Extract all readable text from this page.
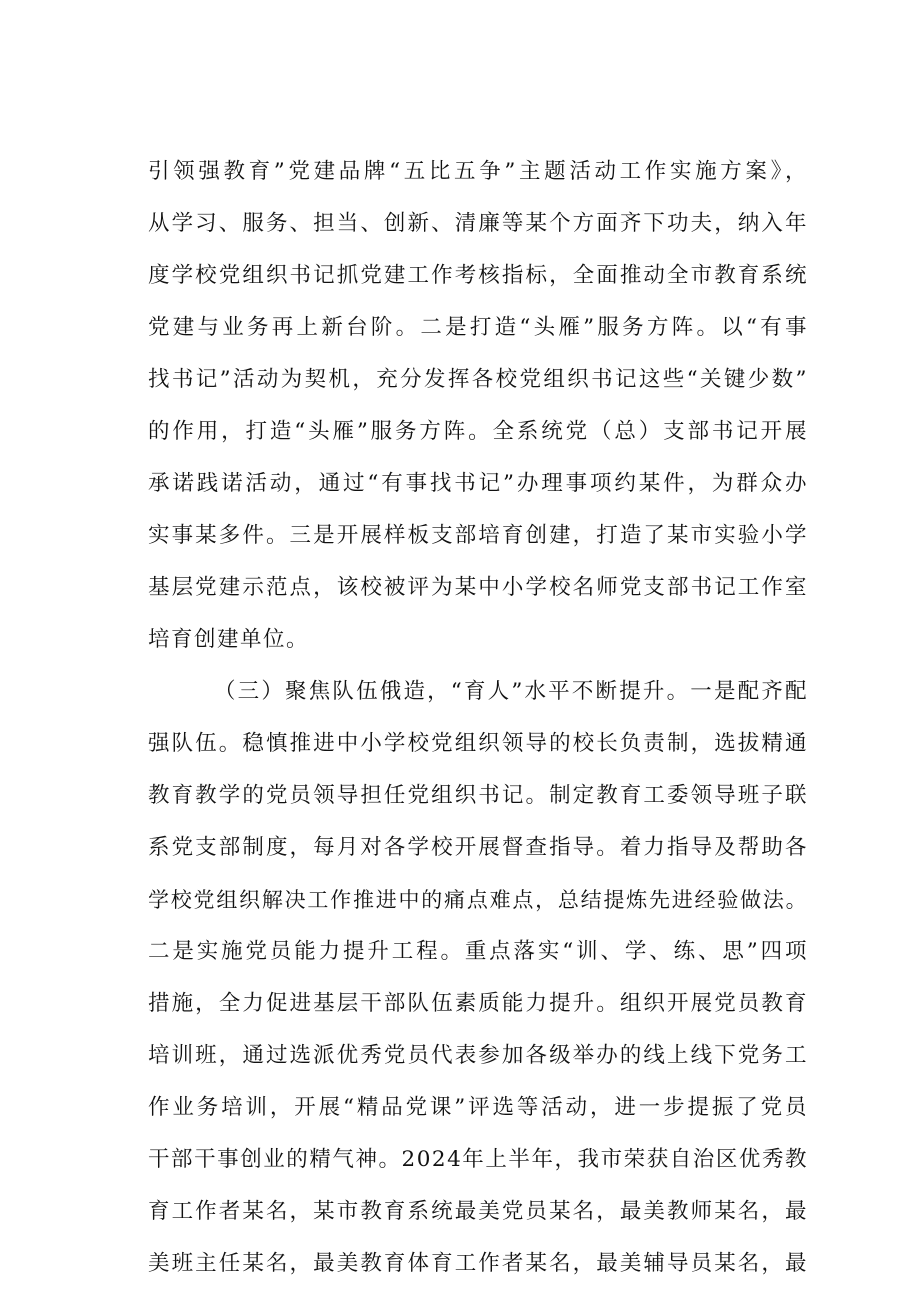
引领强教育”党建品牌“五比五争”主题活动工作实施方案》，
从学习、服务、担当、创新、清廉等某个方面齐下功夫，纳入年
度学校党组织书记抓党建工作考核指标，全面推动全市教育系统
党建与业务再上新台阶。二是打造“头雁”服务方阵。以“有事
找书记”活动为契机，充分发挥各校党组织书记这些“关键少数”
的作用，打造“头雁”服务方阵。全系统党（总）支部书记开展
承诺践诺活动，通过“有事找书记”办理事项约某件，为群众办
实事某多件。三是开展样板支部培育创建，打造了某市实验小学
基层党建示范点，该校被评为某中小学校名师党支部书记工作室
培育创建单位。
（三）聚焦队伍俄造，“育人”水平不断提升。一是配齐配
强队伍。稳慎推进中小学校党组织领导的校长负责制，选拔精通
教育教学的党员领导担任党组织书记。制定教育工委领导班子联
系党支部制度，每月对各学校开展督查指导。着力指导及帮助各
学校党组织解决工作推进中的痛点难点，总结提炼先进经验做法。
二是实施党员能力提升工程。重点落实“训、学、练、思”四项
措施，全力促进基层干部队伍素质能力提升。组织开展党员教育
培训班，通过选派优秀党员代表参加各级举办的线上线下党务工
作业务培训，开展“精品党课”评选等活动，进一步提振了党员
干部干事创业的精气神。2024年上半年，我市荣获自治区优秀教
育工作者某名，某市教育系统最美党员某名，最美教师某名，最
美班主任某名，最美教育体育工作者某名，最美辅导员某名，最
